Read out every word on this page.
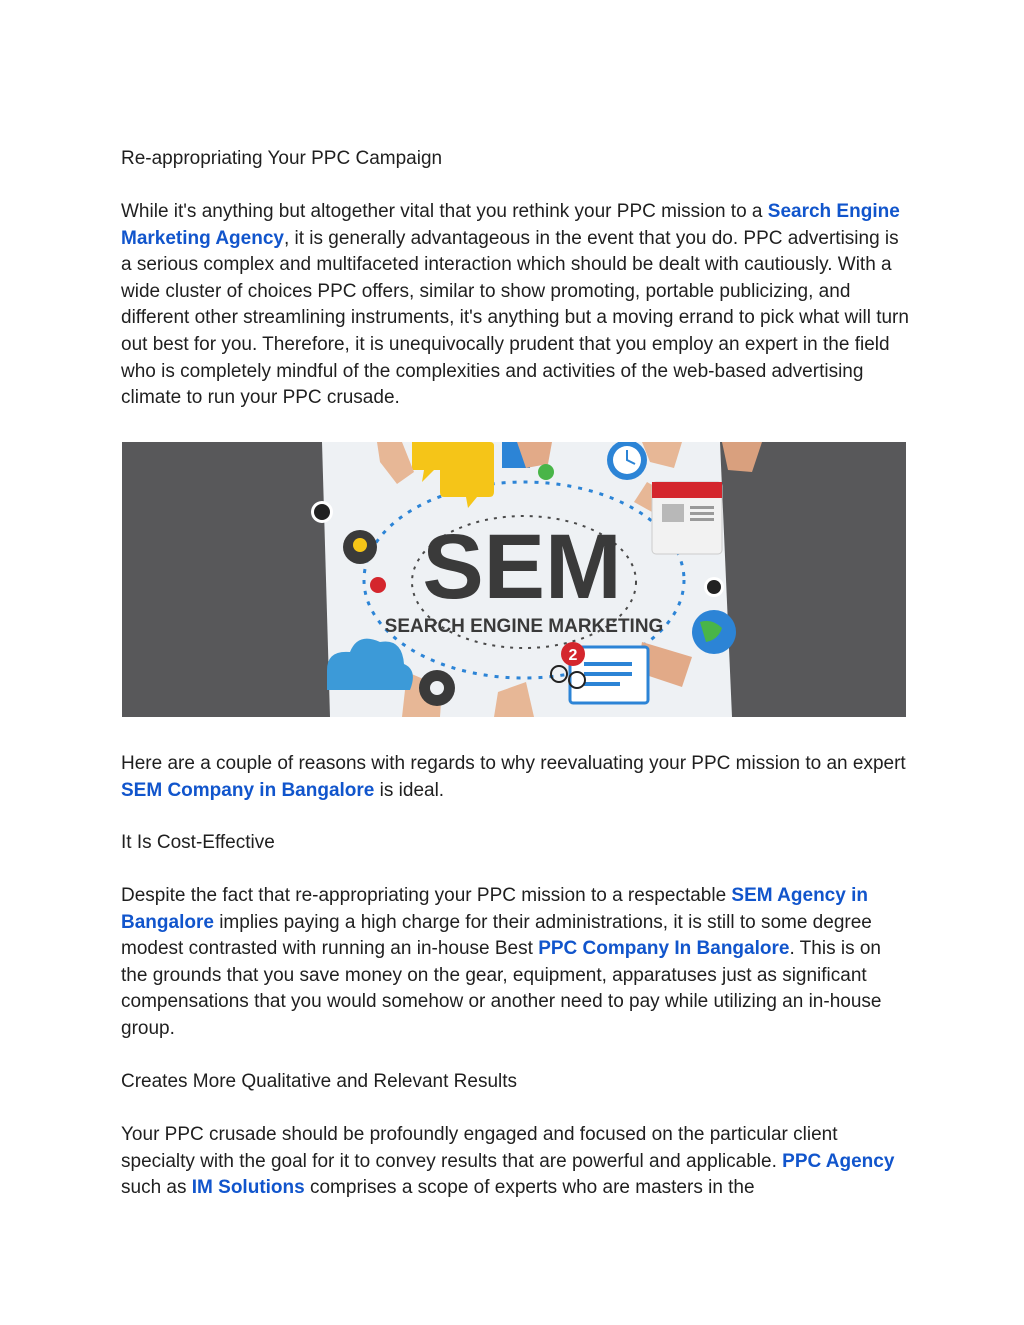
Re-appropriating Your PPC Campaign
While it's anything but altogether vital that you rethink your PPC mission to a Search Engine Marketing Agency, it is generally advantageous in the event that you do. PPC advertising is a serious complex and multifaceted interaction which should be dealt with cautiously. With a wide cluster of choices PPC offers, similar to show promoting, portable publicizing, and different other streamlining instruments, it's anything but a moving errand to pick what will turn out best for you. Therefore, it is unequivocally prudent that you employ an expert in the field who is completely mindful of the complexities and activities of the web-based advertising climate to run your PPC crusade.
2
SEM
SEARCH ENGINE MARKETING
Here are a couple of reasons with regards to why reevaluating your PPC mission to an expert SEM Company in Bangalore is ideal.
It Is Cost-Effective
Despite the fact that re-appropriating your PPC mission to a respectable SEM Agency in Bangalore implies paying a high charge for their administrations, it is still to some degree modest contrasted with running an in-house Best PPC Company In Bangalore. This is on the grounds that you save money on the gear, equipment, apparatuses just as significant compensations that you would somehow or another need to pay while utilizing an in-house group.
Creates More Qualitative and Relevant Results
Your PPC crusade should be profoundly engaged and focused on the particular client specialty with the goal for it to convey results that are powerful and applicable. PPC Agency such as IM Solutions comprises a scope of experts who are masters in the
